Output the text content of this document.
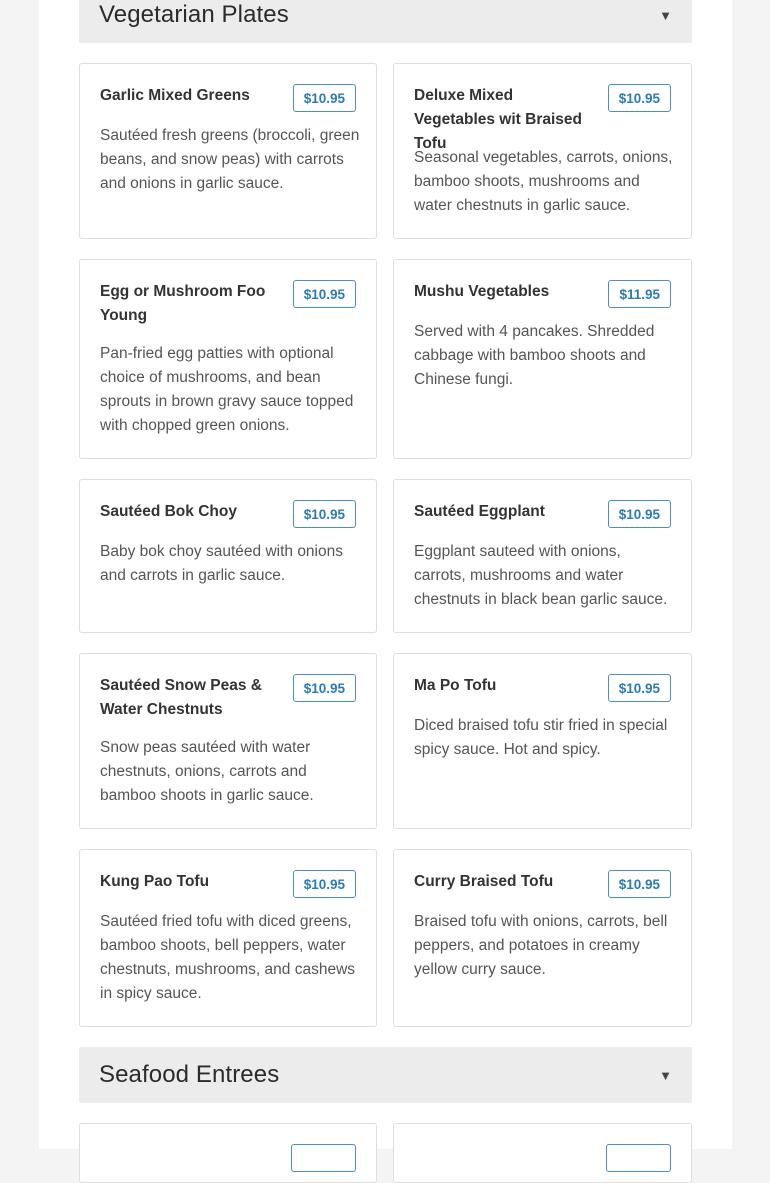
Vegetarian Plates	▼
Garlic Mixed Greens	$10.95
Sautéed fresh greens (broccoli, green beans, and snow peas) with carrots and onions in garlic sauce.
Deluxe Mixed Vegetables wit Braised Tofu
$10.95
Seasonal vegetables, carrots, onions, bamboo shoots, mushrooms and water chestnuts in garlic sauce.
Egg or Mushroom Foo Young
$10.95
Pan-fried egg patties with optional choice of mushrooms, and bean sprouts in brown gravy sauce topped with chopped green onions.
Mushu Vegetables	$11.95
Served with 4 pancakes. Shredded cabbage with bamboo shoots and Chinese fungi.
Sautéed Bok Choy	$10.95
Baby bok choy sautéed with onions and carrots in garlic sauce.
Sautéed Eggplant	$10.95
Eggplant sauteed with onions, carrots, mushrooms and water chestnuts in black bean garlic sauce.
Sautéed Snow Peas & Water Chestnuts
$10.95
Snow peas sautéed with water chestnuts, onions, carrots and bamboo shoots in garlic sauce.
Ma Po Tofu	$10.95
Diced braised tofu stir fried in special spicy sauce. Hot and spicy.
Kung Pao Tofu	$10.95
Sautéed fried tofu with diced greens, bamboo shoots, bell peppers, water chestnuts, mushrooms, and cashews in spicy sauce.
Curry Braised Tofu	$10.95
Braised tofu with onions, carrots, bell peppers, and potatoes in creamy yellow curry sauce.
Seafood Entrees	▼
